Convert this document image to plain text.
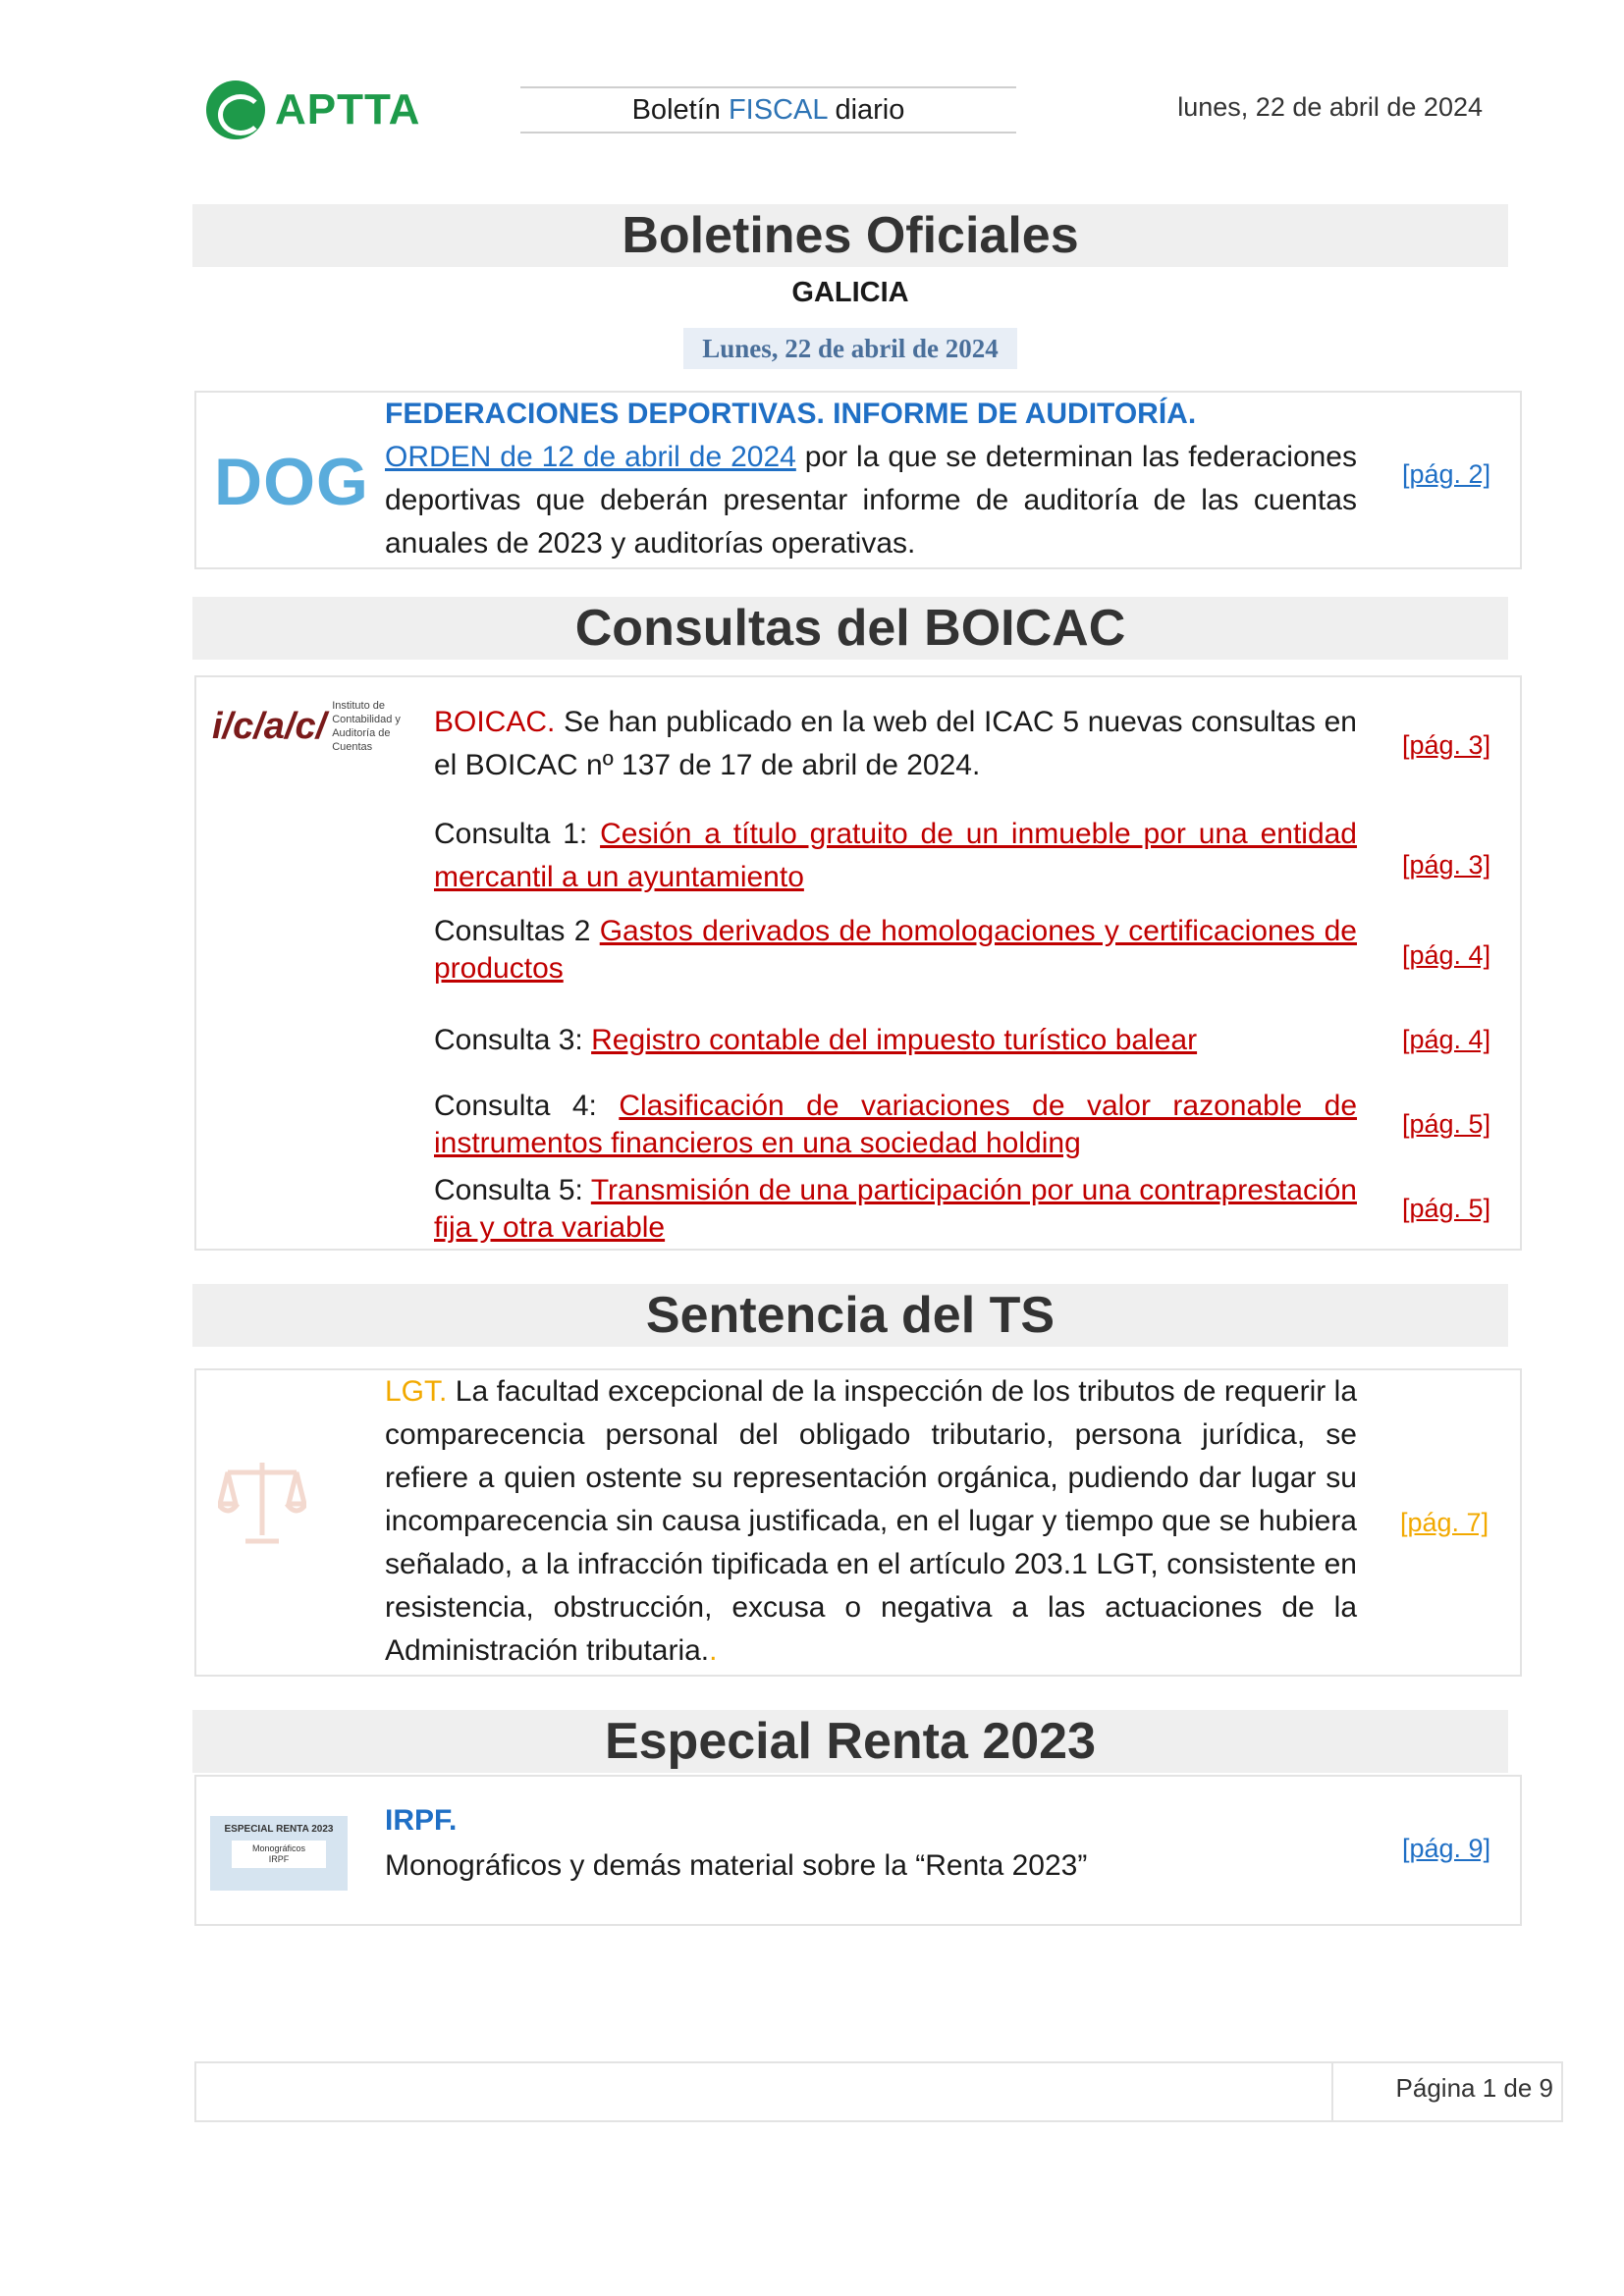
APTTA	Boletín FISCAL diario	lunes, 22 de abril de 2024
Boletines Oficiales
GALICIA
Lunes, 22 de abril de 2024
DOG
FEDERACIONES DEPORTIVAS. INFORME DE AUDITORÍA.
ORDEN de 12 de abril de 2024 por la que se determinan las federaciones deportivas que deberán presentar informe de auditoría de las cuentas anuales de 2023 y auditorías operativas.
[pág. 2]
Consultas del BOICAC
i/c/a/c/ Instituto de Contabilidad y
Auditoría de Cuentas
BOICAC. Se han publicado en la web del ICAC 5 nuevas consultas en el BOICAC nº 137 de 17 de abril de 2024.
[pág. 3]
Consulta 1: Cesión a título gratuito de un inmueble por una entidad mercantil a un ayuntamiento	[pág. 3]
Consultas 2 Gastos derivados de homologaciones y certificaciones de productos	[pág. 4]
Consulta 3: Registro contable del impuesto turístico balear	[pág. 4]
Consulta 4: Clasificación de variaciones de valor razonable de instrumentos financieros en una sociedad holding
[pág. 5]
Consulta 5: Transmisión de una participación por una contraprestación fija y otra variable
[pág. 5]
Sentencia del TS
LGT. La facultad excepcional de la inspección de los tributos de requerir la comparecencia personal del obligado tributario, persona jurídica, se refiere a quien ostente su representación orgánica, pudiendo dar lugar su incomparecencia sin causa justificada, en el lugar y tiempo que se hubiera señalado, a la infracción tipificada en el artículo 203.1 LGT, consistente en resistencia, obstrucción, excusa o negativa a las actuaciones de la Administración tributaria..
[pág. 7]
Especial Renta 2023
ESPECIAL RENTA 2023
Monográficos
IRPF
IRPF.
Monográficos y demás material sobre la “Renta 2023”
[pág. 9]
Página 1 de 9
